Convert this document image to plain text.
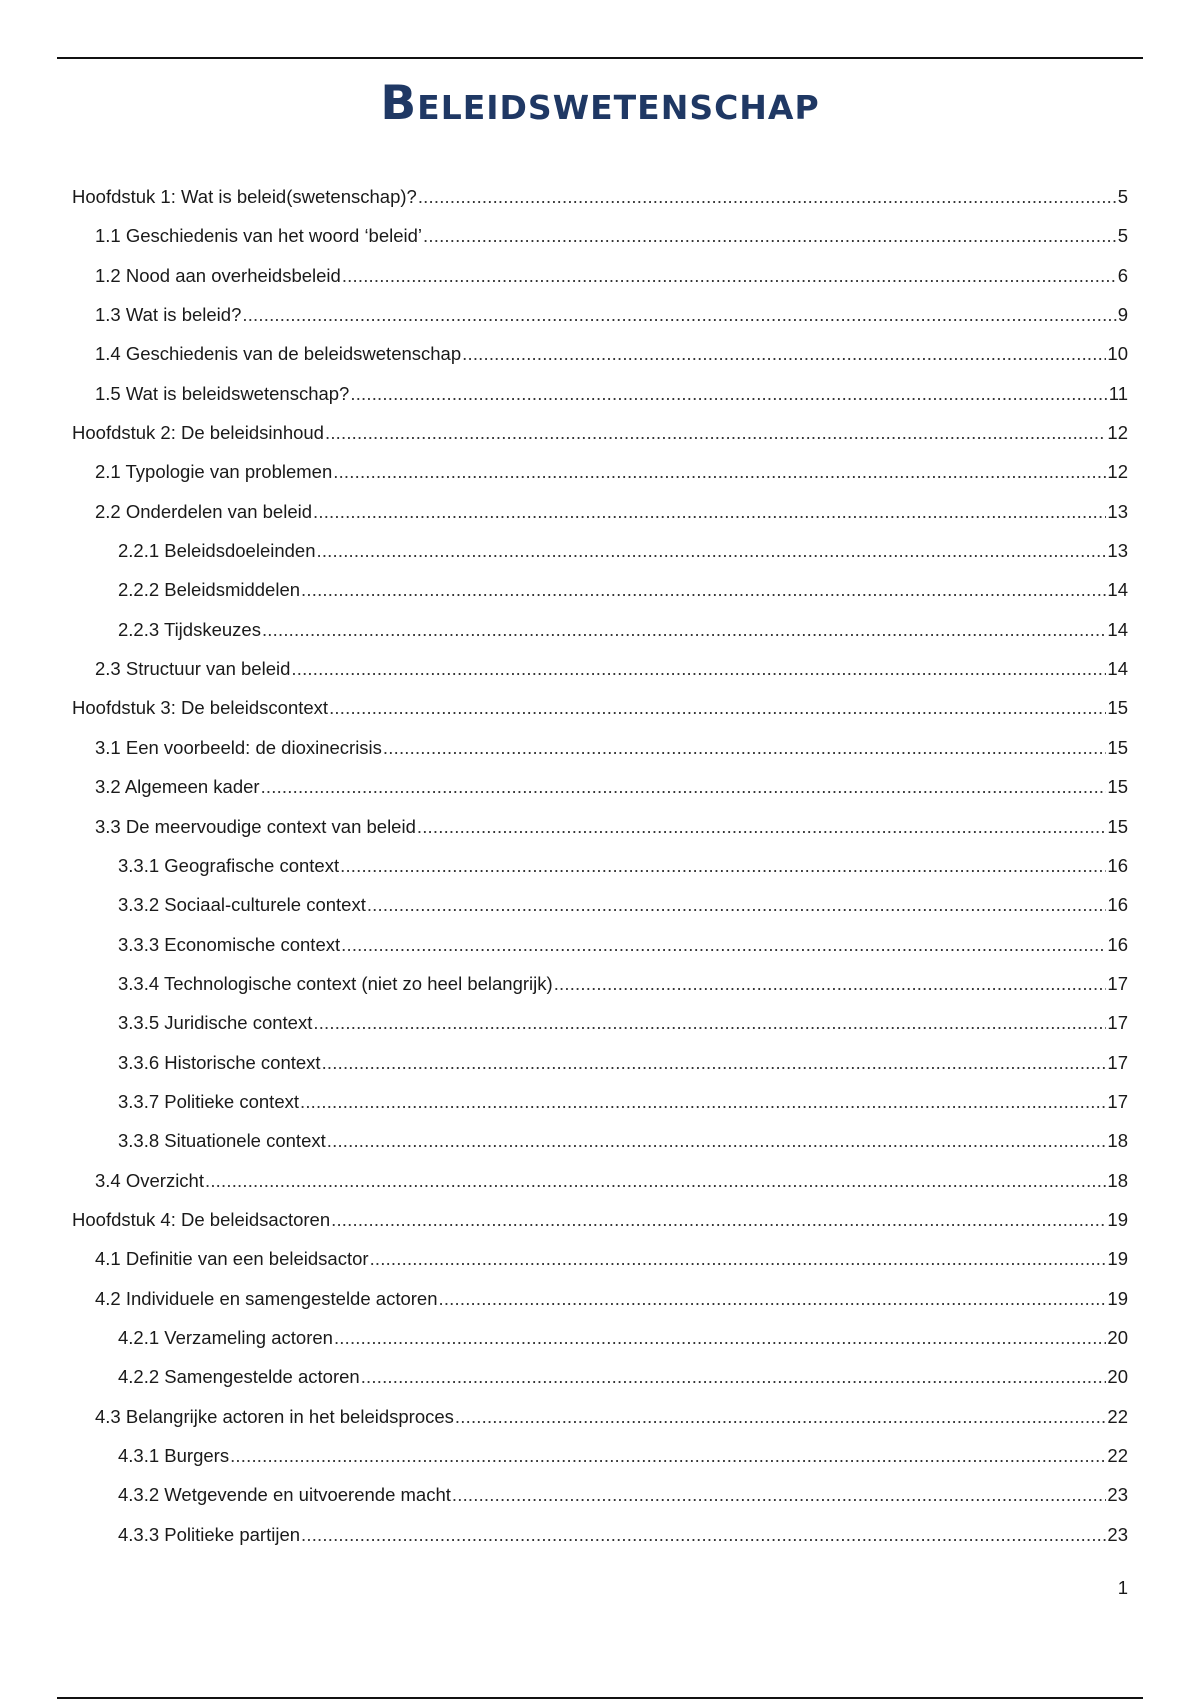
Beleidswetenschap
Hoofdstuk 1: Wat is beleid(swetenschap)? .....	5
1.1 Geschiedenis van het woord ‘beleid’ .....	5
1.2 Nood aan overheidsbeleid .....	6
1.3 Wat is beleid? .....	9
1.4 Geschiedenis van de beleidswetenschap .....	10
1.5 Wat is beleidswetenschap? .....	11
Hoofdstuk 2: De beleidsinhoud .....	12
2.1 Typologie van problemen .....	12
2.2 Onderdelen van beleid .....	13
2.2.1 Beleidsdoeleinden .....	13
2.2.2 Beleidsmiddelen .....	14
2.2.3 Tijdskeuzes .....	14
2.3 Structuur van beleid .....	14
Hoofdstuk 3: De beleidscontext .....	15
3.1 Een voorbeeld: de dioxinecrisis .....	15
3.2 Algemeen kader .....	15
3.3 De meervoudige context van beleid .....	15
3.3.1 Geografische context .....	16
3.3.2 Sociaal-culturele context .....	16
3.3.3 Economische context .....	16
3.3.4 Technologische context (niet zo heel belangrijk) .....	17
3.3.5 Juridische context .....	17
3.3.6 Historische context .....	17
3.3.7 Politieke context .....	17
3.3.8 Situationele context .....	18
3.4 Overzicht .....	18
Hoofdstuk 4: De beleidsactoren .....	19
4.1 Definitie van een beleidsactor .....	19
4.2 Individuele en samengestelde actoren .....	19
4.2.1 Verzameling actoren .....	20
4.2.2 Samengestelde actoren .....	20
4.3 Belangrijke actoren in het beleidsproces .....	22
4.3.1 Burgers .....	22
4.3.2 Wetgevende en uitvoerende macht .....	23
4.3.3 Politieke partijen .....	23
1
